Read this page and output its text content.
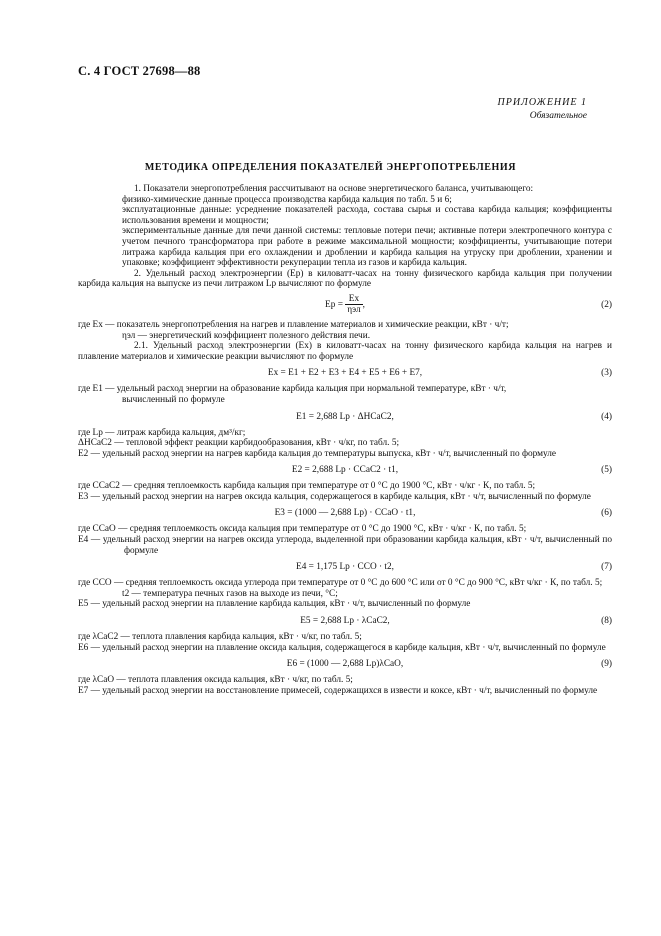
С. 4 ГОСТ 27698—88
ПРИЛОЖЕНИЕ 1
Обязательное
МЕТОДИКА ОПРЕДЕЛЕНИЯ ПОКАЗАТЕЛЕЙ ЭНЕРГОПОТРЕБЛЕНИЯ

1. Показатели энергопотребления рассчитывают на основе энергетического баланса, учитывающего:

физико-химические данные процесса производства карбида кальция по табл. 5 и 6;

эксплуатационные данные: усреднение показателей расхода, состава сырья и состава карбида кальция; коэффициенты использования времени и мощности;

экспериментальные данные для печи данной системы: тепловые потери печи; активные потери электропечного контура с учетом печного трансформатора при работе в режиме максимальной мощности; коэффициенты, учитывающие потери литража карбида кальция при его охлаждении и дроблении и карбида кальция на утруску при дроблении, хранении и упаковке; коэффициент эффективности рекуперации тепла из газов и карбида кальция.

2. Удельный расход электроэнергии (Eр) в киловатт-часах на тонну физического карбида кальция при получении карбида кальция на выпуске из печи литражом Lр вычисляют по формуле

Eр = $\frac{Eх}{\text{ηэл}}$ ,	(2)

где Eх — показатель энергопотребления на нагрев и плавление материалов и химические реакции, кВт · ч/т;

ηэл — энергетический коэффициент полезного действия печи.

2.1. Удельный расход электроэнергии (Eх) в киловатт-часах на тонну физического карбида кальция на нагрев и плавление материалов и химические реакции вычисляют по формуле

Eх = E1 + E2 + E3 + E4 + E5 + E6 + E7,	(3)

где E1 — удельный расход энергии на образование карбида кальция при нормальной температуре, кВт · ч/т,

вычисленный по формуле

E1 = 2,688 Lр · ΔHCaC2,	(4)

где Lр — литраж карбида кальция, дм³/кг;

ΔHCaC2 — тепловой эффект реакции карбидообразования, кВт · ч/кг, по табл. 5;

E2 — удельный расход энергии на нагрев карбида кальция до температуры выпуска, кВт · ч/т, вычисленный по формуле

E2 = 2,688 Lр · CCaC2 · t1,	(5)

где CCaC2 — средняя теплоемкость карбида кальция при температуре от 0 °С до 1900 °С, кВт · ч/кг · К, по табл. 5;

E3 — удельный расход энергии на нагрев оксида кальция, содержащегося в карбиде кальция, кВт · ч/т, вычисленный по формуле

E3 = (1000 — 2,688 Lр) · CCaO · t1,	(6)

где CCaO — средняя теплоемкость оксида кальция при температуре от 0 °С до 1900 °С, кВт · ч/кг · К, по табл. 5;

E4 — удельный расход энергии на нагрев оксида углерода, выделенной при образовании карбида кальция, кВт · ч/т, вычисленный по формуле

E4 = 1,175 Lр · CCO · t2,	(7)

где CCO — средняя теплоемкость оксида углерода при температуре от 0 °С до 600 °С или от 0 °С до 900 °С, кВт ч/кг · К, по табл. 5;

t2 — температура печных газов на выходе из печи, °С;

E5 — удельный расход энергии на плавление карбида кальция, кВт · ч/т, вычисленный по формуле

E5 = 2,688 Lр · λCaC2,	(8)

где λCaC2 — теплота плавления карбида кальция, кВт · ч/кг, по табл. 5;

E6 — удельный расход энергии на плавление оксида кальция, содержащегося в карбиде кальция, кВт · ч/т, вычисленный по формуле

E6 = (1000 — 2,688 Lр)λCaO,	(9)

где λCaO — теплота плавления оксида кальция, кВт · ч/кг, по табл. 5;

E7 — удельный расход энергии на восстановление примесей, содержащихся в извести и коксе, кВт · ч/т, вычисленный по формуле
